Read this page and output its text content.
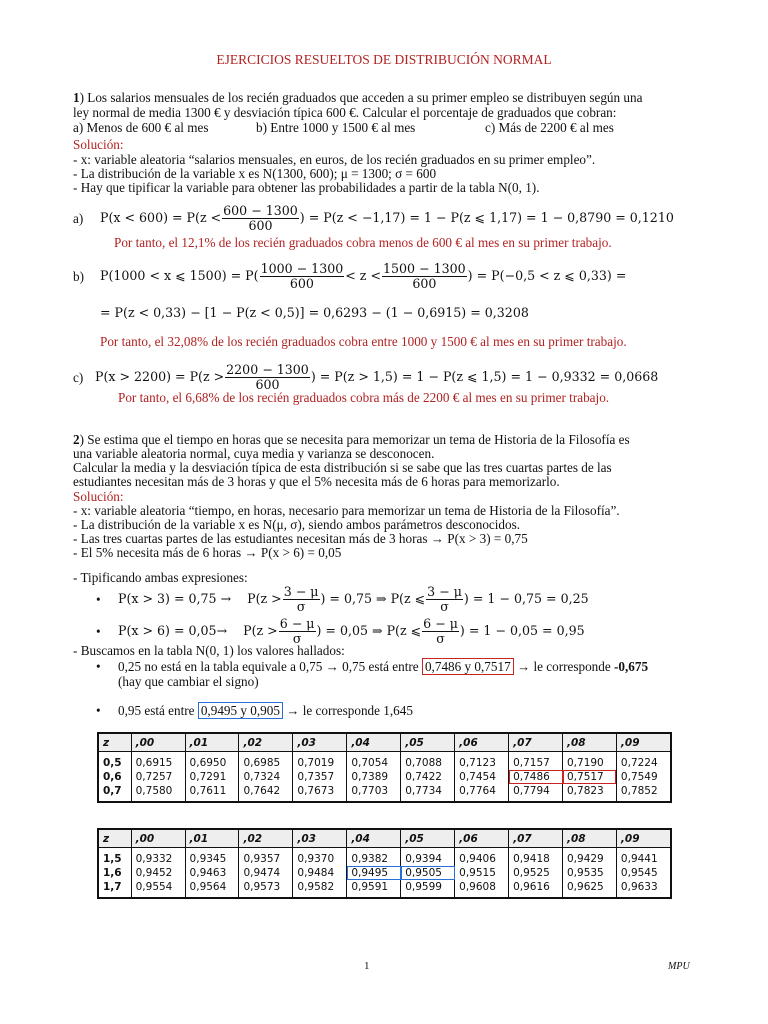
EJERCICIOS RESUELTOS DE DISTRIBUCIÓN NORMAL
1) Los salarios mensuales de los recién graduados que acceden a su primer empleo se distribuyen según una
ley normal de media 1300 € y desviación típica 600 €. Calcular el porcentaje de graduados que cobran:
a) Menos de 600 € al mes	b) Entre 1000 y 1500 € al mes	c) Más de 2200 € al mes
Solución:
- x: variable aleatoria “salarios mensuales, en euros, de los recién graduados en su primer empleo”.
- La distribución de la variable x es N(1300, 600); μ = 1300; σ = 600
- Hay que tipificar la variable para obtener las probabilidades a partir de la tabla N(0, 1).
a) $P(x < 600) = P(z < \frac{600 - 1300}{600}$ ) = P(z < −1,17) = 1 − P(z ⩽ 1,17) = 1 − 0,8790 = 0,1210
Por tanto, el 12,1% de los recién graduados cobra menos de 600 € al mes en su primer trabajo.
b) P(1000 < x ⩽ $1500) = P( \frac{1000 - 1300}{600} < z < \frac{1500 - 1300}{600}$ ) = P(−0,5 < z ⩽ 0,33) =
= P(z < 0,33) − [1 − P(z < 0,5)] = 0,6293 − (1 − 0,6915) = 0,3208
Por tanto, el 32,08% de los recién graduados cobra entre 1000 y 1500 € al mes en su primer trabajo.
c) $P(x > 2200) = P(z > \frac{2200 - 1300}{600}$ ) = P(z > 1,5) = 1 − P(z ⩽ 1,5) = 1 − 0,9332 = 0,0668
Por tanto, el 6,68% de los recién graduados cobra más de 2200 € al mes en su primer trabajo.
2) Se estima que el tiempo en horas que se necesita para memorizar un tema de Historia de la Filosofía es
una variable aleatoria normal, cuya media y varianza se desconocen.
Calcular la media y la desviación típica de esta distribución si se sabe que las tres cuartas partes de las
estudiantes necesitan más de 3 horas y que el 5% necesita más de 6 horas para memorizarlo.
Solución:
- x: variable aleatoria “tiempo, en horas, necesario para memorizar un tema de Historia de la Filosofía”.
- La distribución de la variable x es N(μ, σ), siendo ambos parámetros desconocidos.
- Las tres cuartas partes de las estudiantes necesitan más de 3 horas → P(x > 3) = 0,75
- El 5% necesita más de 6 horas → P(x > 6) = 0,05
- Tipificando ambas expresiones:
• $P(x > 3) = 0,75 \to P(z > \frac{3 - \mu}{\sigma}$ ) = 0,75 ⇒ P(z ⩽ $\frac{3 - \mu}{\sigma}$ ) = 1 − 0,75 = 0,25
• $P(x > 6) = 0,05\to P(z > \frac{6 - \mu}{\sigma}$ ) = 0,05 ⇒ P(z ⩽ $\frac{6 - \mu}{\sigma}$ ) = 1 − 0,05 = 0,95
- Buscamos en la tabla N(0, 1) los valores hallados:
• 0,25 no está en la tabla equivale a 0,75 → 0,75 está entre 0,7486 y 0,7517 → le corresponde -0,675
(hay que cambiar el signo)
• 0,95 está entre 0,9495 y 0,905 → le corresponde 1,645
z	,00	,01	,02	,03	,04	,05	,06	,07	,08	,09
0,5	0,6915	0,6950	0,6985	0,7019	0,7054	0,7088	0,7123	0,7157	0,7190	0,7224
0,6	0,7257	0,7291	0,7324	0,7357	0,7389	0,7422	0,7454	0,7486	0,7517	0,7549
0,7	0,7580	0,7611	0,7642	0,7673	0,7703	0,7734	0,7764	0,7794	0,7823	0,7852
z	,00	,01	,02	,03	,04	,05	,06	,07	,08	,09
1,5	0,9332	0,9345	0,9357	0,9370	0,9382	0,9394	0,9406	0,9418	0,9429	0,9441
1,6	0,9452	0,9463	0,9474	0,9484	0,9495	0,9505	0,9515	0,9525	0,9535	0,9545
1,7	0,9554	0,9564	0,9573	0,9582	0,9591	0,9599	0,9608	0,9616	0,9625	0,9633
1	MPU
